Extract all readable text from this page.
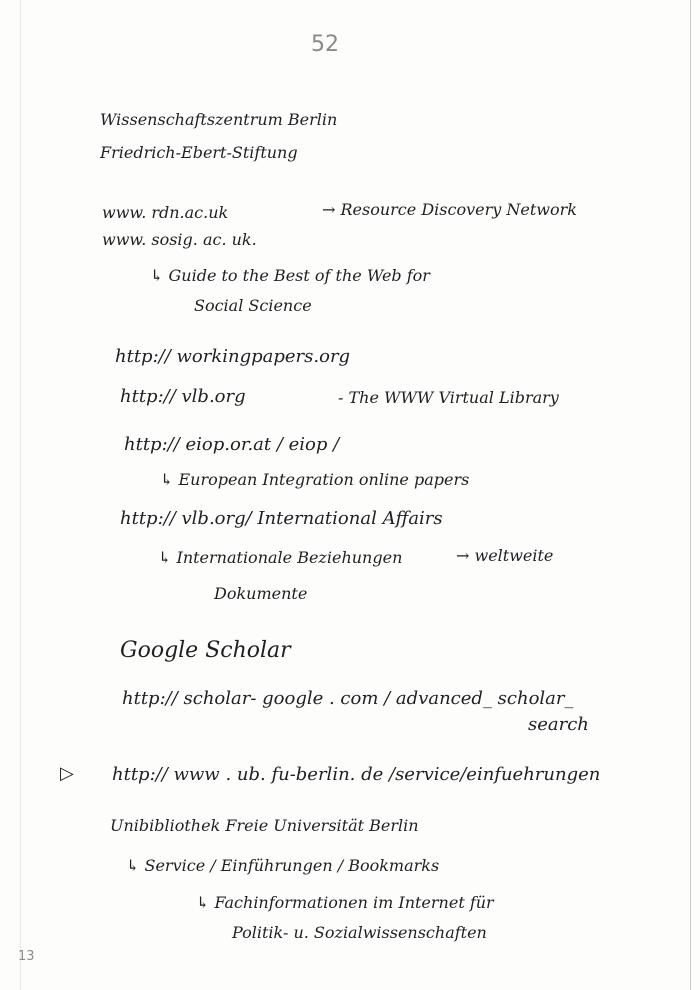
52
Wissenschaftszentrum Berlin
Friedrich-Ebert-Stiftung
www. rdn.ac.uk	→ Resource Discovery Network
www. sosig. ac. uk.
↳ Guide to the Best of the Web for
Social Science
http:// workingpapers.org
http:// vlb.org	- The WWW Virtual Library
http:// eiop.or.at / eiop /
↳ European Integration online papers
http:// vlb.org/ International Affairs
↳ Internationale Beziehungen	→ weltweite
Dokumente
Google Scholar
http:// scholar- google . com / advanced_ scholar_
search
▷ http:// www . ub. fu-berlin. de /service/einfuehrungen
Unibibliothek Freie Universität Berlin
↳ Service / Einführungen / Bookmarks
↳ Fachinformationen im Internet für
Politik- u. Sozialwissenschaften
13
